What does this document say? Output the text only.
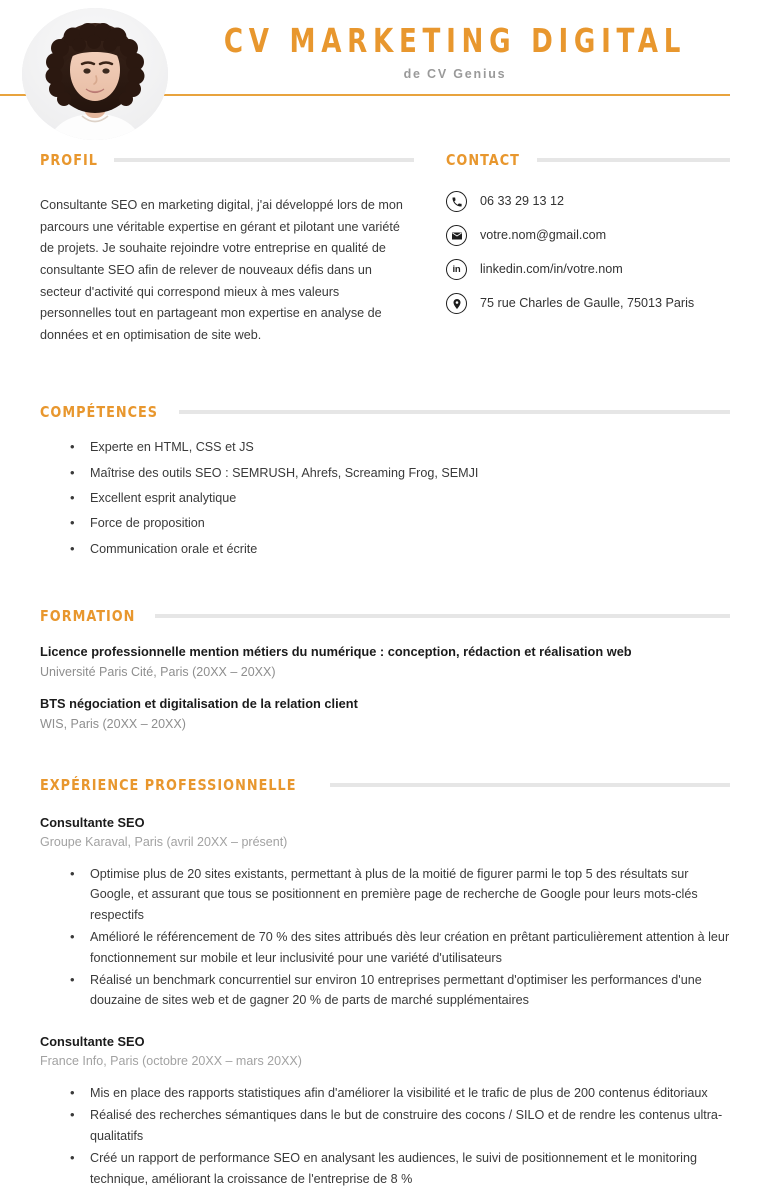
CV MARKETING DIGITAL
de CV Genius
PROFIL

Consultante SEO en marketing digital, j'ai développé lors de mon parcours une véritable expertise en gérant et pilotant une variété de projets. Je souhaite rejoindre votre entreprise en qualité de consultante SEO afin de relever de nouveaux défis dans un secteur d'activité qui correspond mieux à mes valeurs personnelles tout en partageant mon expertise en analyse de données et en optimisation de site web.

CONTACT
06 33 29 13 12
votre.nom@gmail.com
in linkedin.com/in/votre.nom
75 rue Charles de Gaulle, 75013 Paris
COMPÉTENCES
• Experte en HTML, CSS et JS
• Maîtrise des outils SEO : SEMRUSH, Ahrefs, Screaming Frog, SEMJI
• Excellent esprit analytique
• Force de proposition
• Communication orale et écrite
FORMATION
Licence professionnelle mention métiers du numérique : conception, rédaction et réalisation web
Université Paris Cité, Paris (20XX – 20XX)
BTS négociation et digitalisation de la relation client
WIS, Paris (20XX – 20XX)
EXPÉRIENCE PROFESSIONNELLE
Consultante SEO
Groupe Karaval, Paris (avril 20XX – présent)
• Optimise plus de 20 sites existants, permettant à plus de la moitié de figurer parmi le top 5 des résultats sur Google, et assurant que tous se positionnent en première page de recherche de Google pour leurs mots-clés respectifs
• Amélioré le référencement de 70 % des sites attribués dès leur création en prêtant particulièrement attention à leur fonctionnement sur mobile et leur inclusivité pour une variété d'utilisateurs
• Réalisé un benchmark concurrentiel sur environ 10 entreprises permettant d'optimiser les performances d'une douzaine de sites web et de gagner 20 % de parts de marché supplémentaires
Consultante SEO
France Info, Paris (octobre 20XX – mars 20XX)
• Mis en place des rapports statistiques afin d'améliorer la visibilité et le trafic de plus de 200 contenus éditoriaux
• Réalisé des recherches sémantiques dans le but de construire des cocons / SILO et de rendre les contenus ultra-qualitatifs
• Créé un rapport de performance SEO en analysant les audiences, le suivi de positionnement et le monitoring technique, améliorant la croissance de l'entreprise de 8 %
